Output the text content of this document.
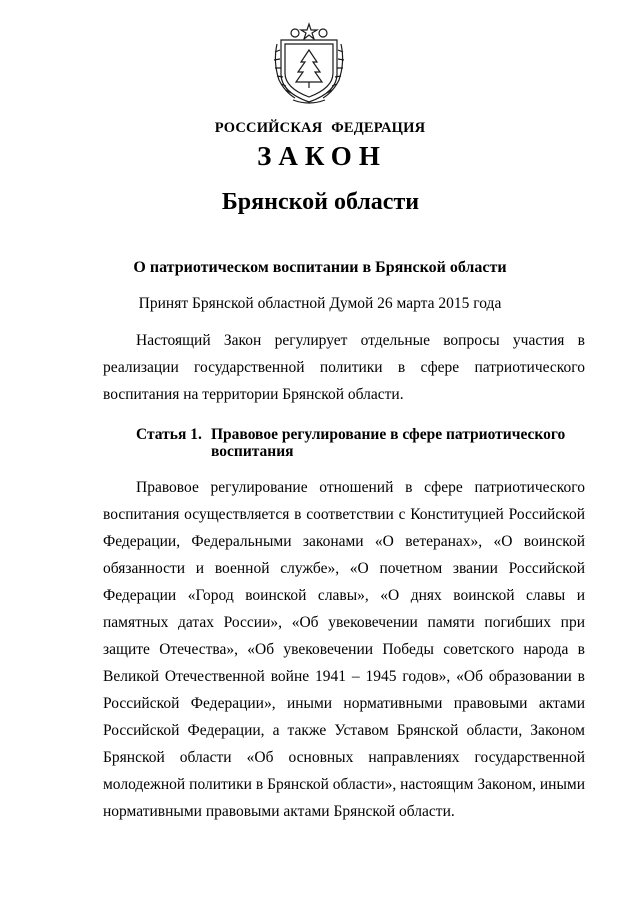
РОССИЙСКАЯ ФЕДЕРАЦИЯ
ЗАКОН
Брянской области
О патриотическом воспитании в Брянской области
Принят Брянской областной Думой 26 марта 2015 года
Настоящий Закон регулирует отдельные вопросы участия в реализации государственной политики в сфере патриотического воспитания на территории Брянской области.
Статья 1. Правовое регулирование в сфере патриотического воспитания
Правовое регулирование отношений в сфере патриотического воспитания осуществляется в соответствии с Конституцией Российской Федерации, Федеральными законами «О ветеранах», «О воинской обязанности и военной службе», «О почетном звании Российской Федерации «Город воинской славы», «О днях воинской славы и памятных датах России», «Об увековечении памяти погибших при защите Отечества», «Об увековечении Победы советского народа в Великой Отечественной войне 1941 – 1945 годов», «Об образовании в Российской Федерации», иными нормативными правовыми актами Российской Федерации, а также Уставом Брянской области, Законом Брянской области «Об основных направлениях государственной молодежной политики в Брянской области», настоящим Законом, иными нормативными правовыми актами Брянской области.
